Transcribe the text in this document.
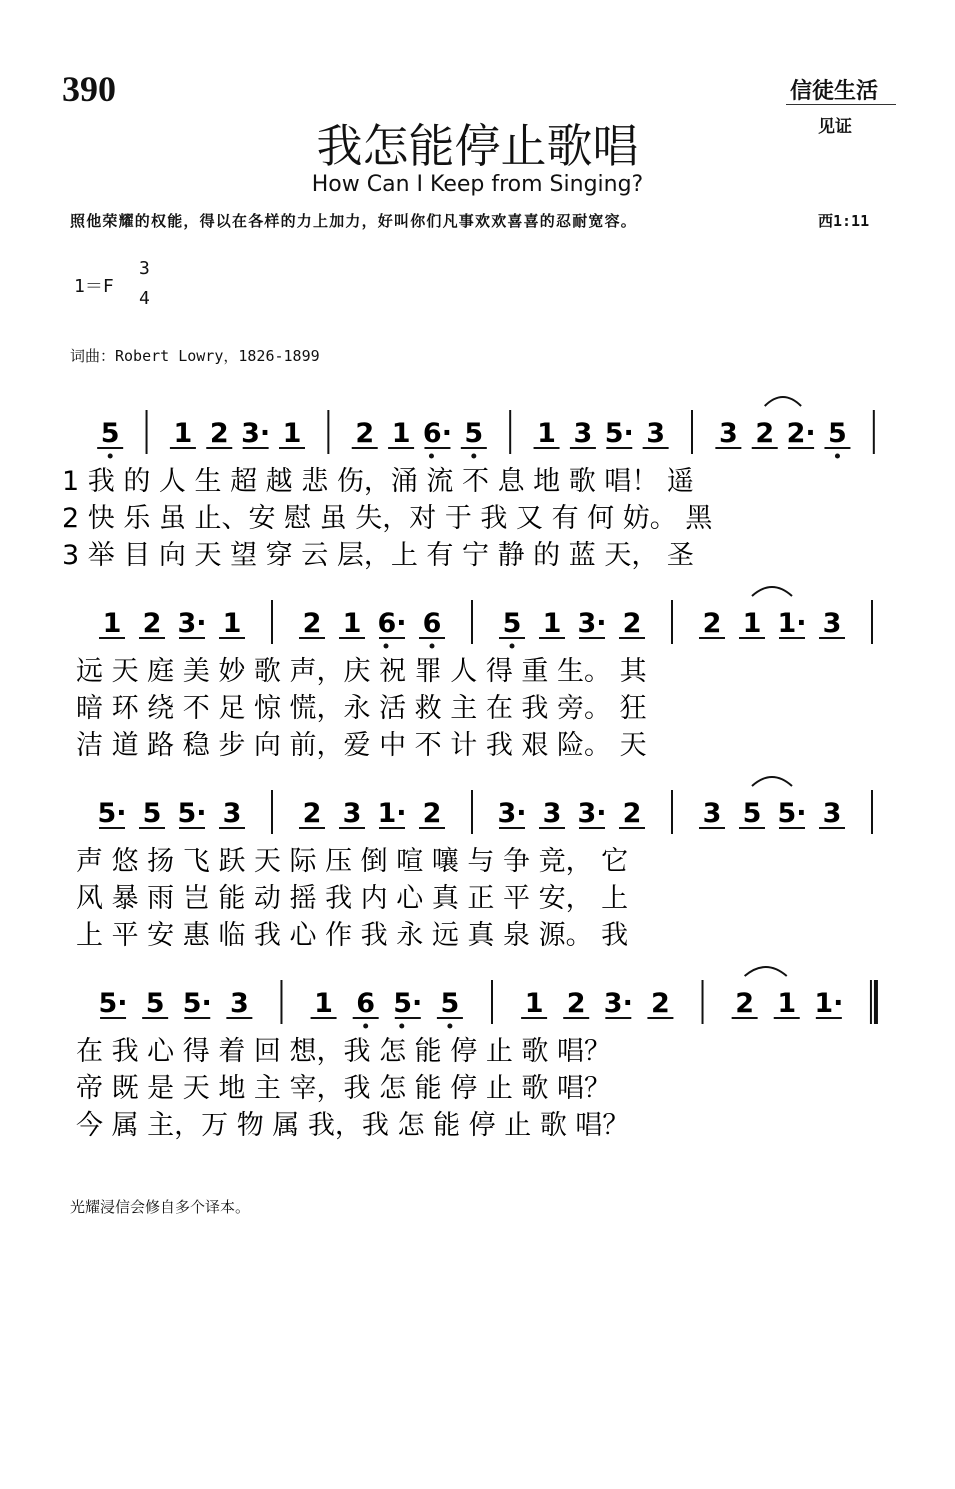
390	信徒生活
见证
我怎能停止歌唱
How Can I Keep from Singing?
照他荣耀的权能，得以在各样的力上加力，好叫你们凡事欢欢喜喜的忍耐宽容。	西1:11
1＝F
3
4
词曲：Robert Lowry，1826-1899
5 1 2 3· 1 2 1 6· 5 1 3 5· 3 3 2 2· 5
1 我 的 人 生 超 越 悲 伤，涌 流 不 息 地 歌 唱！ 遥
2 快 乐 虽 止、安 慰 虽 失，对 于 我 又 有 何 妨。 黑
3 举 目 向 天 望 穿 云 层，上 有 宁 静 的 蓝 天， 圣
1 2 3· 1 2 1 6· 6 5 1 3· 2 2 1 1· 3
远 天 庭 美 妙 歌 声，庆 祝 罪 人 得 重 生。 其
暗 环 绕 不 足 惊 慌，永 活 救 主 在 我 旁。 狂
洁 道 路 稳 步 向 前，爱 中 不 计 我 艰 险。 天
5· 5 5· 3 2 3 1· 2 3· 3 3· 2 3 5 5· 3
声 悠 扬 飞 跃 天 际 压 倒 喧 嚷 与 争 竞， 它
风 暴 雨 岂 能 动 摇 我 内 心 真 正 平 安， 上
上 平 安 惠 临 我 心 作 我 永 远 真 泉 源。 我
5· 5 5· 3 1 6 5· 5 1 2 3· 2 2 1 1·
在 我 心 得 着 回 想，我 怎 能 停 止 歌 唱？
帝 既 是 天 地 主 宰，我 怎 能 停 止 歌 唱？
今 属 主，万 物 属 我，我 怎 能 停 止 歌 唱？
光耀浸信会修自多个译本。
